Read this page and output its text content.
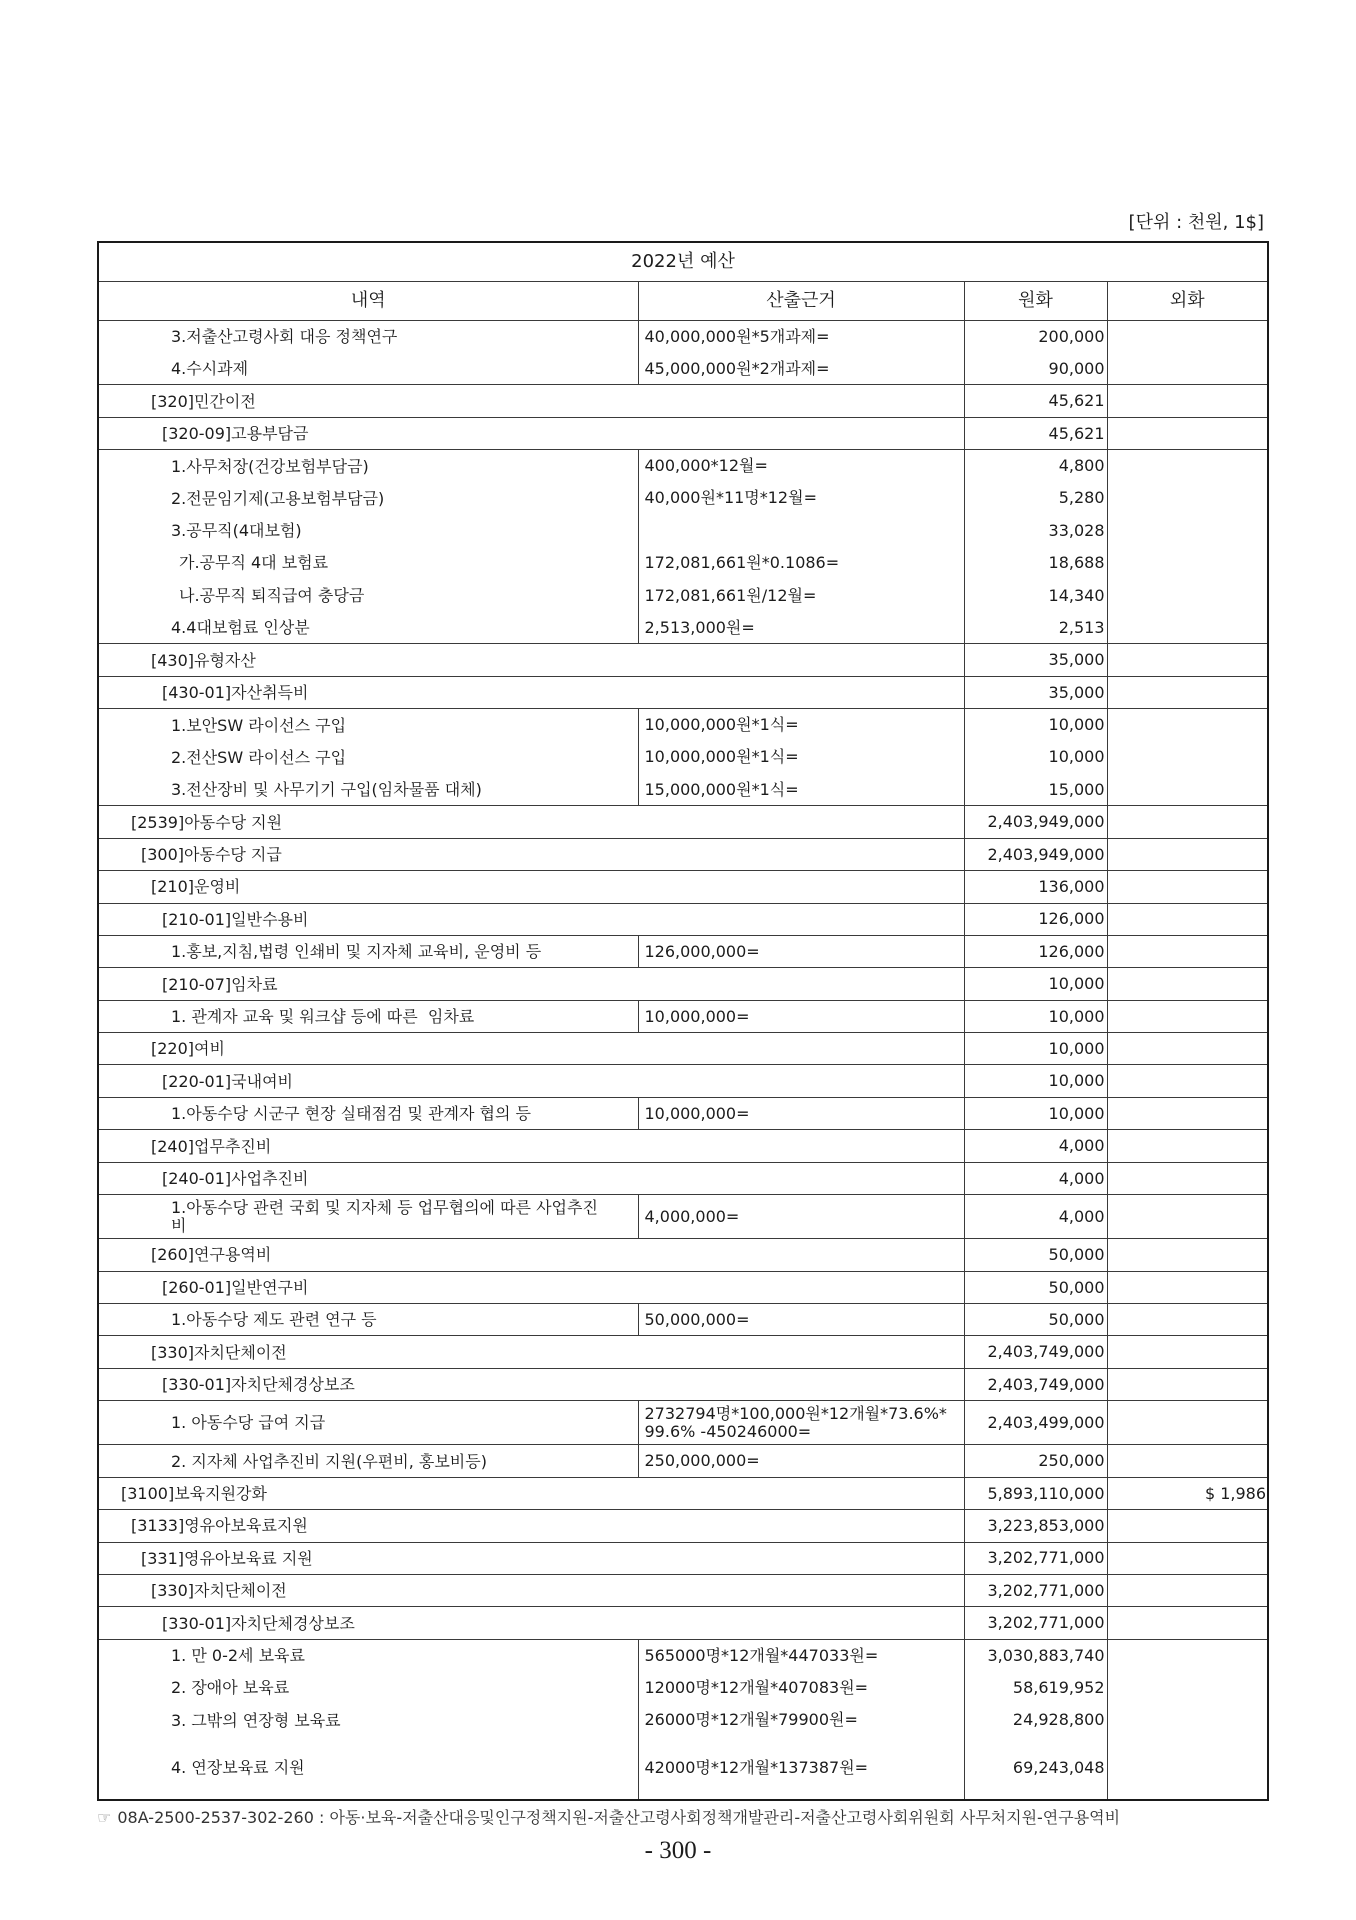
[단위 : 천원, 1$]
2022년 예산			
내역	산출근거	원화	외화
3.저출산고령사회 대응 정책연구	40,000,000원*5개과제=	200,000	
4.수시과제	45,000,000원*2개과제=	90,000	
[320]민간이전		45,621	
[320-09]고용부담금		45,621	
1.사무처장(건강보험부담금)	400,000*12월=	4,800	
2.전문임기제(고용보험부담금)	40,000원*11명*12월=	5,280	
3.공무직(4대보험)		33,028	
가.공무직 4대 보험료	172,081,661원*0.1086=	18,688	
나.공무직 퇴직급여 충당금	172,081,661원/12월=	14,340	
4.4대보험료 인상분	2,513,000원=	2,513	
[430]유형자산		35,000	
[430-01]자산취득비		35,000	
1.보안SW 라이선스 구입	10,000,000원*1식=	10,000	
2.전산SW 라이선스 구입	10,000,000원*1식=	10,000	
3.전산장비 및 사무기기 구입(임차물품 대체)	15,000,000원*1식=	15,000	
[2539]아동수당 지원		2,403,949,000	
[300]아동수당 지급		2,403,949,000	
[210]운영비		136,000	
[210-01]일반수용비		126,000	
1.홍보,지침,법령 인쇄비 및 지자체 교육비, 운영비 등	126,000,000=	126,000	
[210-07]임차료		10,000	
1. 관계자 교육 및 워크샵 등에 따른  임차료	10,000,000=	10,000	
[220]여비		10,000	
[220-01]국내여비		10,000	
1.아동수당 시군구 현장 실태점검 및 관계자 협의 등	10,000,000=	10,000	
[240]업무추진비		4,000	
[240-01]사업추진비		4,000	
1.아동수당 관련 국회 및 지자체 등 업무협의에 따른 사업추진비	4,000,000=	4,000	
[260]연구용역비		50,000	
[260-01]일반연구비		50,000	
1.아동수당 제도 관련 연구 등	50,000,000=	50,000	
[330]자치단체이전		2,403,749,000	
[330-01]자치단체경상보조		2,403,749,000	
1. 아동수당 급여 지급	2732794명*100,000원*12개월*73.6%* 99.6% -450246000=	2,403,499,000	
2. 지자체 사업추진비 지원(우편비, 홍보비등)	250,000,000=	250,000	
[3100]보육지원강화		5,893,110,000	$ 1,986
[3133]영유아보육료지원		3,223,853,000	
[331]영유아보육료 지원		3,202,771,000	
[330]자치단체이전		3,202,771,000	
[330-01]자치단체경상보조		3,202,771,000	
1. 만 0-2세 보육료	565000명*12개월*447033원=	3,030,883,740	
2. 장애아 보육료	12000명*12개월*407083원=	58,619,952	
3. 그밖의 연장형 보육료	26000명*12개월*79900원=	24,928,800	
4. 연장보육료 지원	42000명*12개월*137387원=	69,243,048	
☞ 08A-2500-2537-302-260 : 아동·보육-저출산대응및인구정책지원-저출산고령사회정책개발관리-저출산고령사회위원회 사무처지원-연구용역비
- 300 -
